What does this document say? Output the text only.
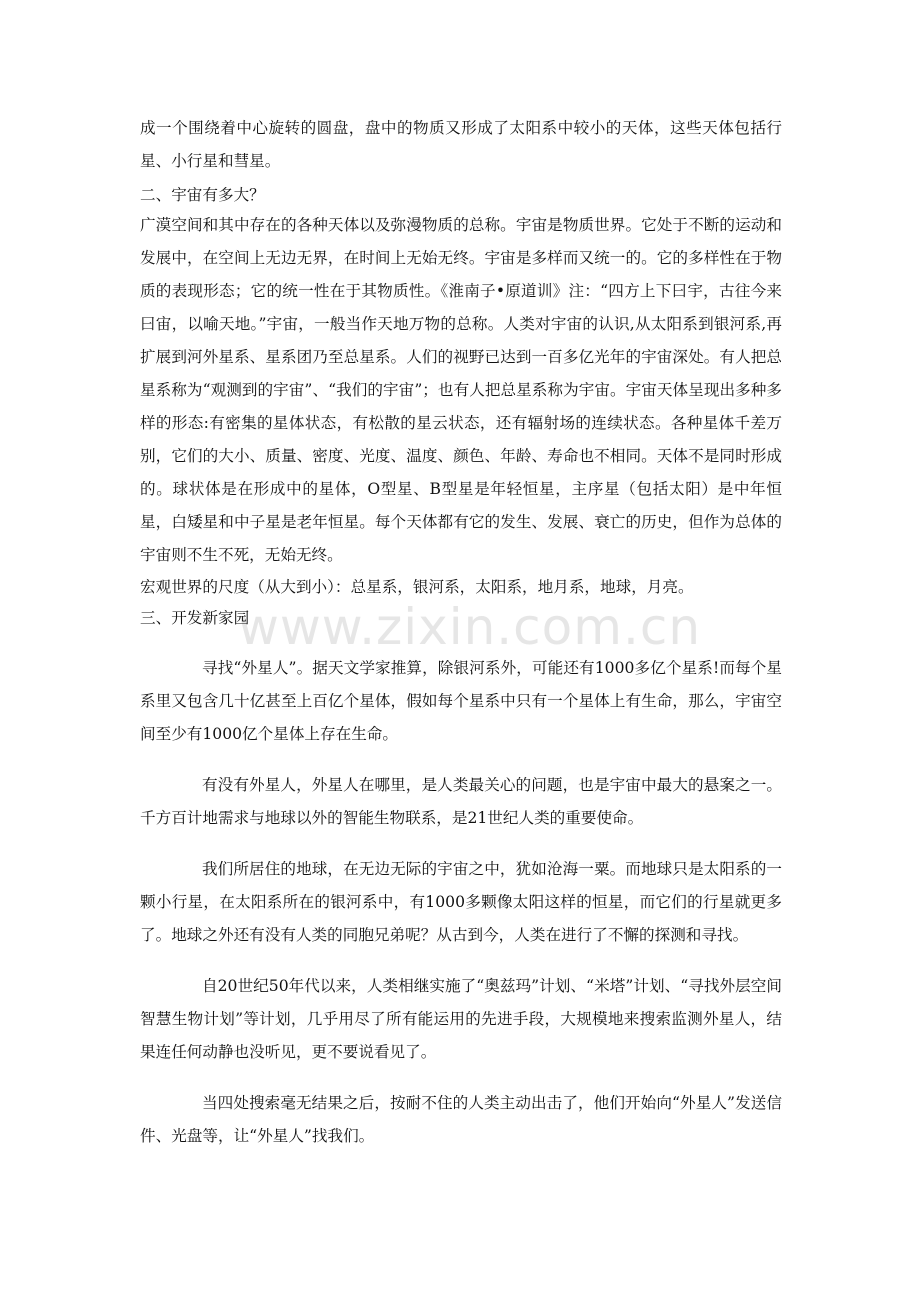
www.zixin.com.cn

成一个围绕着中心旋转的圆盘，盘中的物质又形成了太阳系中较小的天体，这些天体包括行星、小行星和彗星。

二、宇宙有多大？

广漠空间和其中存在的各种天体以及弥漫物质的总称。宇宙是物质世界。它处于不断的运动和发展中，在空间上无边无界，在时间上无始无终。宇宙是多样而又统一的。它的多样性在于物质的表现形态；它的统一性在于其物质性。《淮南子•原道训》注：“四方上下曰宇，古往今来曰宙，以喻天地。”宇宙，一般当作天地万物的总称。人类对宇宙的认识,从太阳系到银河系,再扩展到河外星系、星系团乃至总星系。人们的视野已达到一百多亿光年的宇宙深处。有人把总星系称为“观测到的宇宙”、“我们的宇宙”；也有人把总星系称为宇宙。宇宙天体呈现出多种多样的形态:有密集的星体状态，有松散的星云状态，还有辐射场的连续状态。各种星体千差万别，它们的大小、质量、密度、光度、温度、颜色、年龄、寿命也不相同。天体不是同时形成的。球状体是在形成中的星体，O型星、B型星是年轻恒星，主序星（包括太阳）是中年恒星，白矮星和中子星是老年恒星。每个天体都有它的发生、发展、衰亡的历史，但作为总体的宇宙则不生不死，无始无终。

宏观世界的尺度（从大到小）：总星系，银河系，太阳系，地月系，地球，月亮。

三、开发新家园

寻找“外星人”。据天文学家推算，除银河系外，可能还有1000多亿个星系!而每个星系里又包含几十亿甚至上百亿个星体，假如每个星系中只有一个星体上有生命，那么，宇宙空间至少有1000亿个星体上存在生命。

有没有外星人，外星人在哪里，是人类最关心的问题，也是宇宙中最大的悬案之一。千方百计地需求与地球以外的智能生物联系，是21世纪人类的重要使命。

我们所居住的地球，在无边无际的宇宙之中，犹如沧海一粟。而地球只是太阳系的一颗小行星，在太阳系所在的银河系中，有1000多颗像太阳这样的恒星，而它们的行星就更多了。地球之外还有没有人类的同胞兄弟呢？从古到今，人类在进行了不懈的探测和寻找。

自20世纪50年代以来，人类相继实施了“奥兹玛”计划、“米塔”计划、“寻找外层空间智慧生物计划”等计划，几乎用尽了所有能运用的先进手段，大规模地来搜索监测外星人，结果连任何动静也没听见，更不要说看见了。

当四处搜索毫无结果之后，按耐不住的人类主动出击了，他们开始向“外星人”发送信件、光盘等，让“外星人”找我们。
